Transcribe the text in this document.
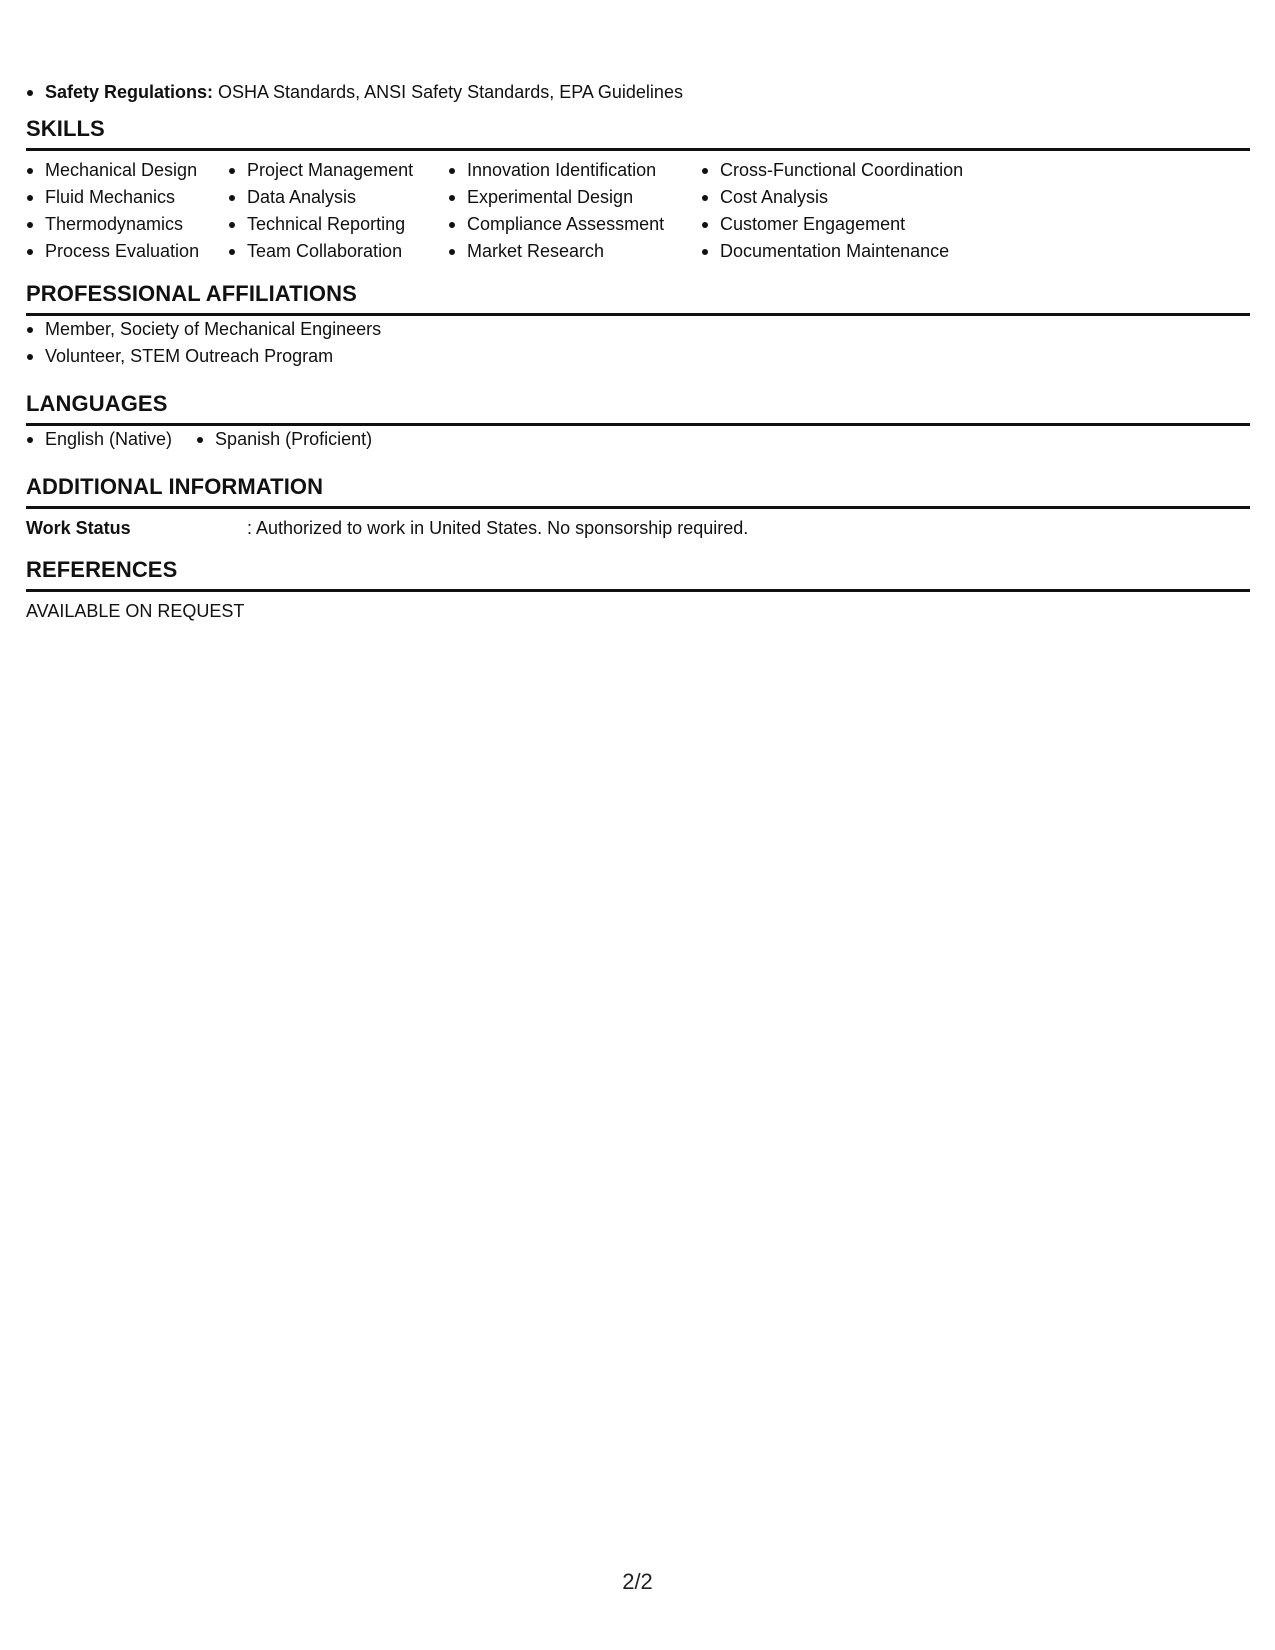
Safety Regulations: OSHA Standards, ANSI Safety Standards, EPA Guidelines
SKILLS
Mechanical Design
Fluid Mechanics
Thermodynamics
Process Evaluation
Project Management
Data Analysis
Technical Reporting
Team Collaboration
Innovation Identification
Experimental Design
Compliance Assessment
Market Research
Cross-Functional Coordination
Cost Analysis
Customer Engagement
Documentation Maintenance
PROFESSIONAL AFFILIATIONS
Member, Society of Mechanical Engineers
Volunteer, STEM Outreach Program
LANGUAGES
English (Native)	Spanish (Proficient)
ADDITIONAL INFORMATION
Work Status	: Authorized to work in United States. No sponsorship required.
REFERENCES
AVAILABLE ON REQUEST
2/2
